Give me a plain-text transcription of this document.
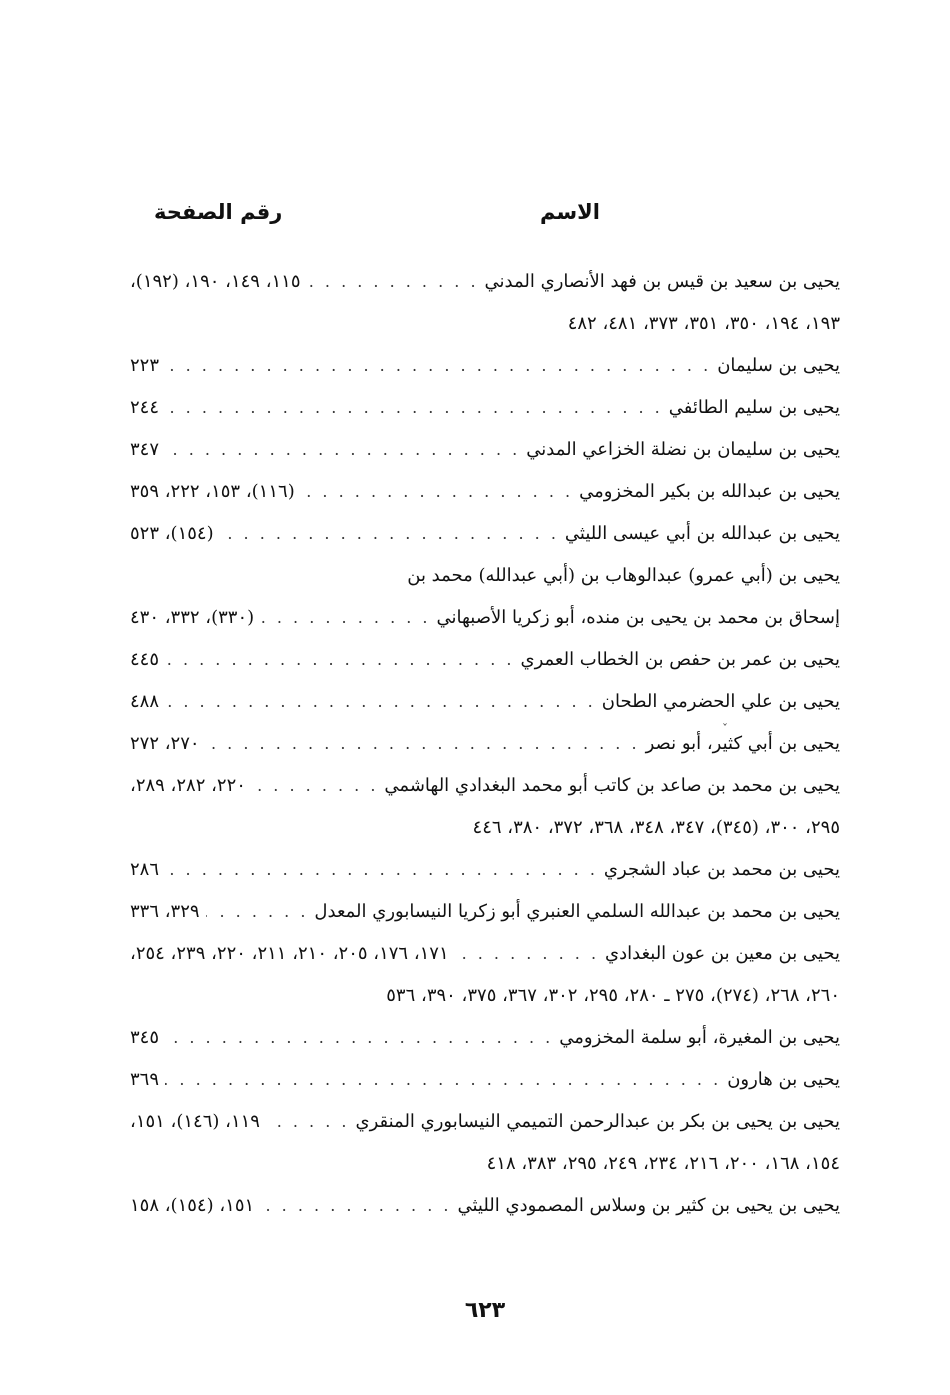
الاسم
رقم الصفحة
يحيى بن سعيد بن قيس بن فهد الأنصاري المدني
. . .
١١٥، ١٤٩، ١٩٠، (١٩٢)،
١٩٣، ١٩٤، ٣٥٠، ٣٥١، ٣٧٣، ٤٨١، ٤٨٢
يحيى بن سليمان
. . .
٢٢٣
يحيى بن سليم الطائفي
. . .
٢٤٤
يحيى بن سليمان بن نضلة الخزاعي المدني
. . .
٣٤٧
يحيى بن عبدالله بن بكير المخزومي
. . .
(١١٦)، ١٥٣، ٢٢٢، ٣٥٩
يحيى بن عبدالله بن أبي عيسى الليثي
. . .
(١٥٤)، ٥٢٣
يحيى بن (أبي عمرو) عبدالوهاب بن (أبي عبدالله) محمد بن
إسحاق بن محمد بن يحيى بن منده، أبو زكريا الأصبهاني
. . .
(٣٣٠)، ٣٣٢، ٤٣٠
يحيى بن عمر بن حفص بن الخطاب العمري
. . .
٤٤٥
يحيى بن علي الحضرمي الطحان
. . .
٤٨٨
يحيى بن أبي كثير، أبو نصر
. . .
٢٧٠، ٢٧٢
يحيى بن محمد بن صاعد بن كاتب أبو محمد البغدادي الهاشمي
. . .
٢٢٠، ٢٨٢، ٢٨٩،
٢٩٥، ٣٠٠، (٣٤٥)، ٣٤٧، ٣٤٨، ٣٦٨، ٣٧٢، ٣٨٠، ٤٤٦
يحيى بن محمد بن عباد الشجري
. . .
٢٨٦
يحيى بن محمد بن عبدالله السلمي العنبري أبو زكريا النيسابوري المعدل
. . .
٣٢٩، ٣٣٦
يحيى بن معين بن عون البغدادي
. . .
١٧١، ١٧٦، ٢٠٥، ٢١٠، ٢١١، ٢٢٠، ٢٣٩، ٢٥٤،
٢٦٠، ٢٦٨، (٢٧٤)، ٢٧٥ ـ ٢٨٠، ٢٩٥، ٣٠٢، ٣٦٧، ٣٧٥، ٣٩٠، ٥٣٦
يحيى بن المغيرة، أبو سلمة المخزومي
. . .
٣٤٥
يحيى بن هارون
. . .
٣٦٩
يحيى بن يحيى بن بكر بن عبدالرحمن التميمي النيسابوري المنقري
. . .
١١٩، (١٤٦)، ١٥١،
١٥٤، ١٦٨، ٢٠٠، ٢١٦، ٢٣٤، ٢٤٩، ٢٩٥، ٣٨٣، ٤١٨
يحيى بن يحيى بن كثير بن وسلاس المصمودي الليثي
. . .
١٥١، (١٥٤)، ١٥٨
٦٢٣
ˇ
